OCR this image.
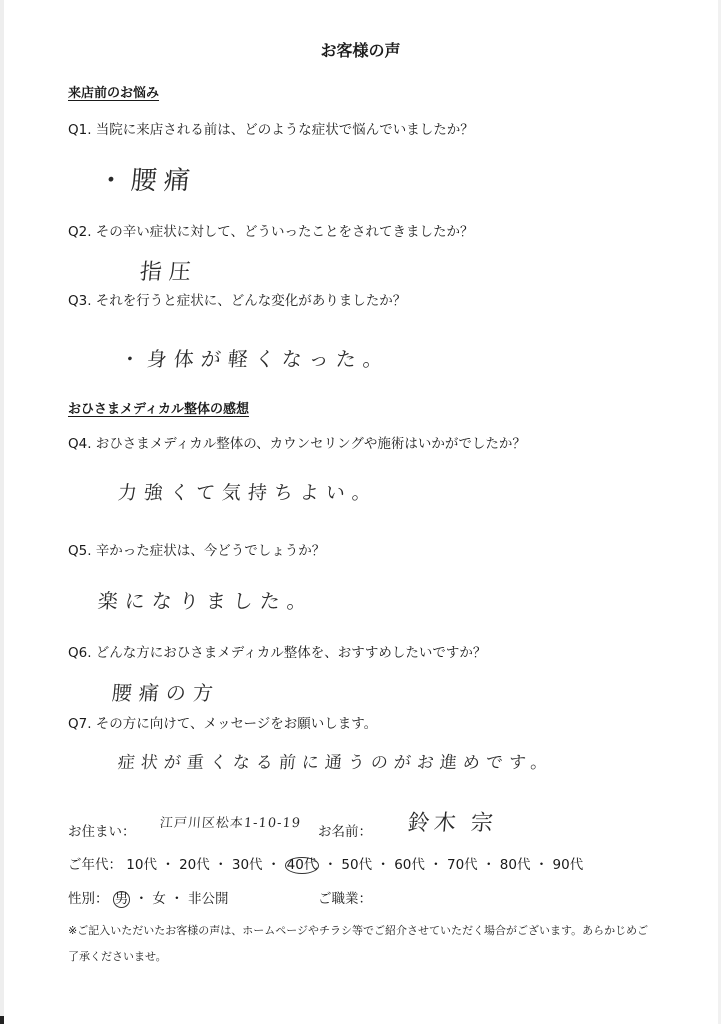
お客様の声
来店前のお悩み
Q1. 当院に来店される前は、どのような症状で悩んでいましたか？
・腰痛
Q2. その辛い症状に対して、どういったことをされてきましたか？
指圧
Q3. それを行うと症状に、どんな変化がありましたか？
・身体が軽くなった。
おひさまメディカル整体の感想
Q4. おひさまメディカル整体の、カウンセリングや施術はいかがでしたか？
力強くて気持ちよい。
Q5. 辛かった症状は、今どうでしょうか？
楽になりました。
Q6. どんな方におひさまメディカル整体を、おすすめしたいですか？
腰痛の方
Q7. その方に向けて、メッセージをお願いします。
症状が重くなる前に通うのがお進めです。
お住まい：
江戸川区松本1-10-19
お名前： 鈴木 宗
ご年代： 10代 ・ 20代 ・ 30代 ・ 40代 ・ 50代 ・ 60代 ・ 70代 ・ 80代 ・ 90代
性別： 男 ・ 女 ・ 非公開	ご職業：
※ご記入いただいたお客様の声は、ホームページやチラシ等でご紹介させていただく場合がございます。あらかじめご
了承くださいませ。
